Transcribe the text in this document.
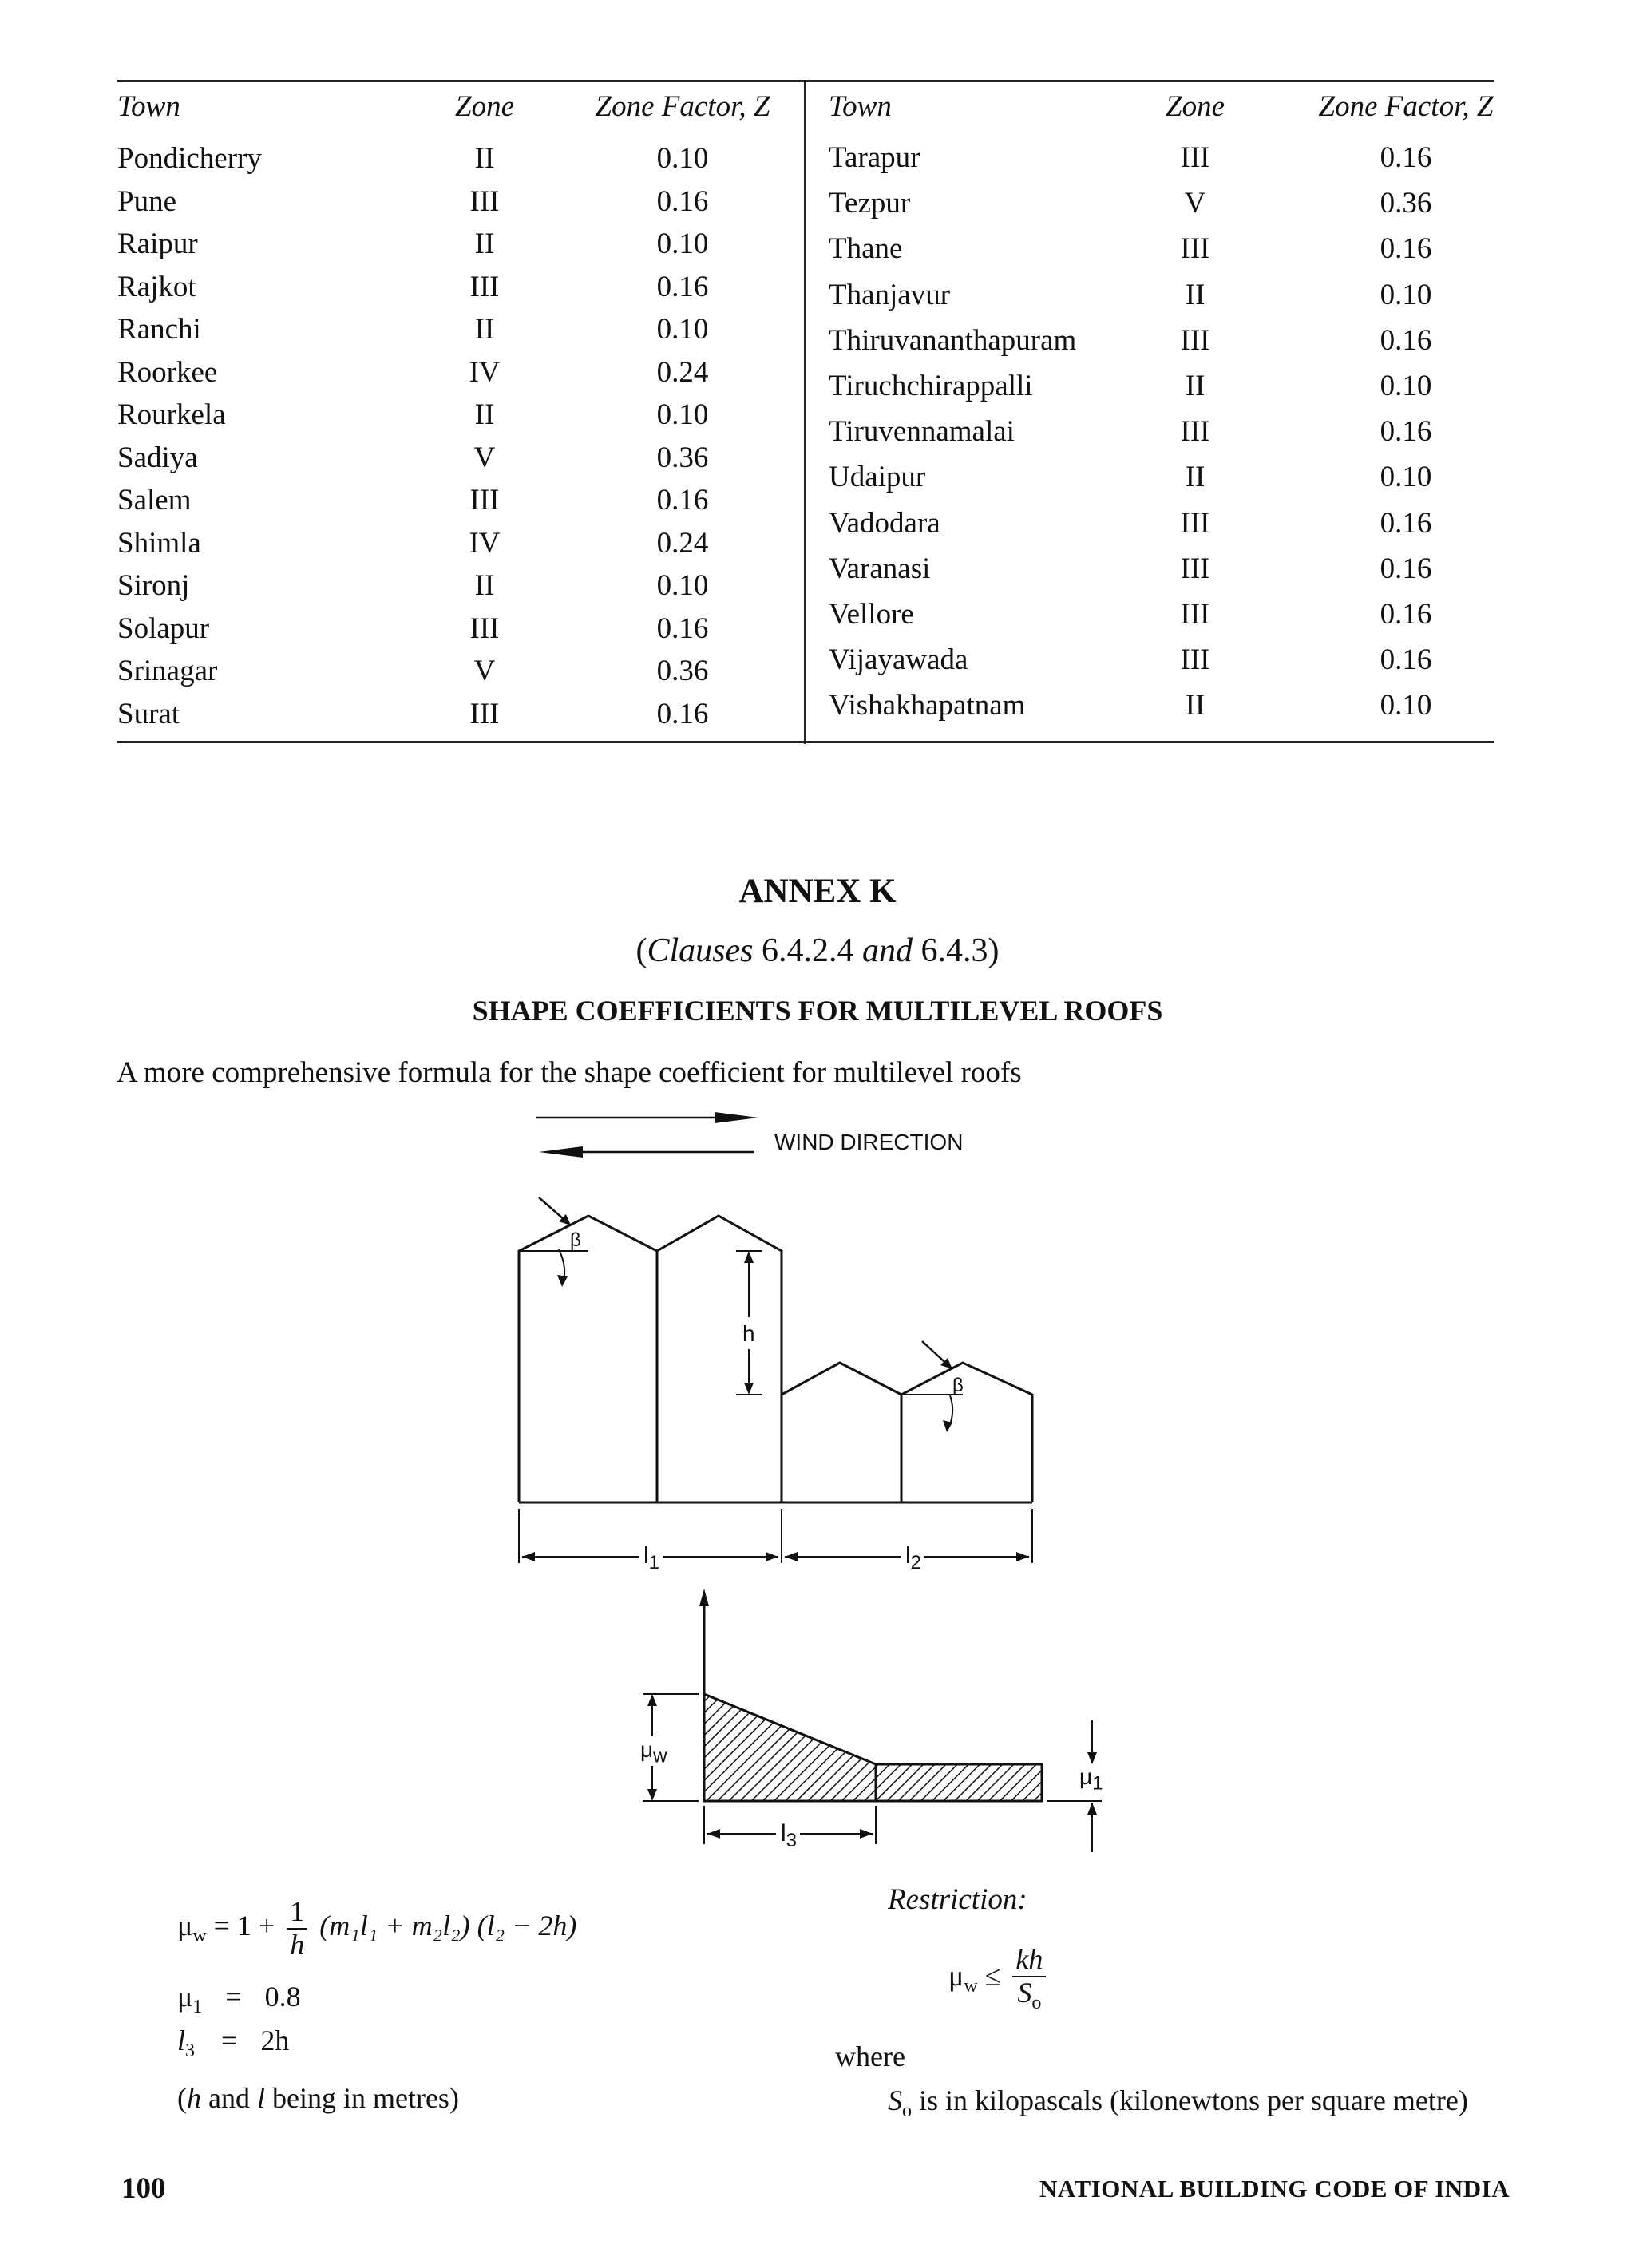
Town	Zone	Zone Factor, Z
Pondicherry	II	0.10
Pune	III	0.16
Raipur	II	0.10
Rajkot	III	0.16
Ranchi	II	0.10
Roorkee	IV	0.24
Rourkela	II	0.10
Sadiya	V	0.36
Salem	III	0.16
Shimla	IV	0.24
Sironj	II	0.10
Solapur	III	0.16
Srinagar	V	0.36
Surat	III	0.16
Town	Zone	Zone Factor, Z
Tarapur	III	0.16
Tezpur	V	0.36
Thane	III	0.16
Thanjavur	II	0.10
Thiruvananthapuram	III	0.16
Tiruchchirappalli	II	0.10
Tiruvennamalai	III	0.16
Udaipur	II	0.10
Vadodara	III	0.16
Varanasi	III	0.16
Vellore	III	0.16
Vijayawada	III	0.16
Vishakhapatnam	II	0.10
ANNEX K
(Clauses 6.4.2.4 and 6.4.3)
SHAPE COEFFICIENTS FOR MULTILEVEL ROOFS
A more comprehensive formula for the shape coefficient for multilevel roofs
WIND DIRECTION
β
β
h
$l_1$	$l_2$
$l_3$
$\mu_w$
$\mu_1$
$\mu_w = 1 + \frac{1}{h} (m_1l_1 + m_2l_2) (l_2 - 2h)$
$\mu_1 = 0.8$
$l_3 = 2h$
(h and l being in metres)
Restriction:
$\mu_w \le \frac{kh}{S_o}$
where
$S_o$ is in kilopascals (kilonewtons per square metre)
100	NATIONAL BUILDING CODE OF INDIA
